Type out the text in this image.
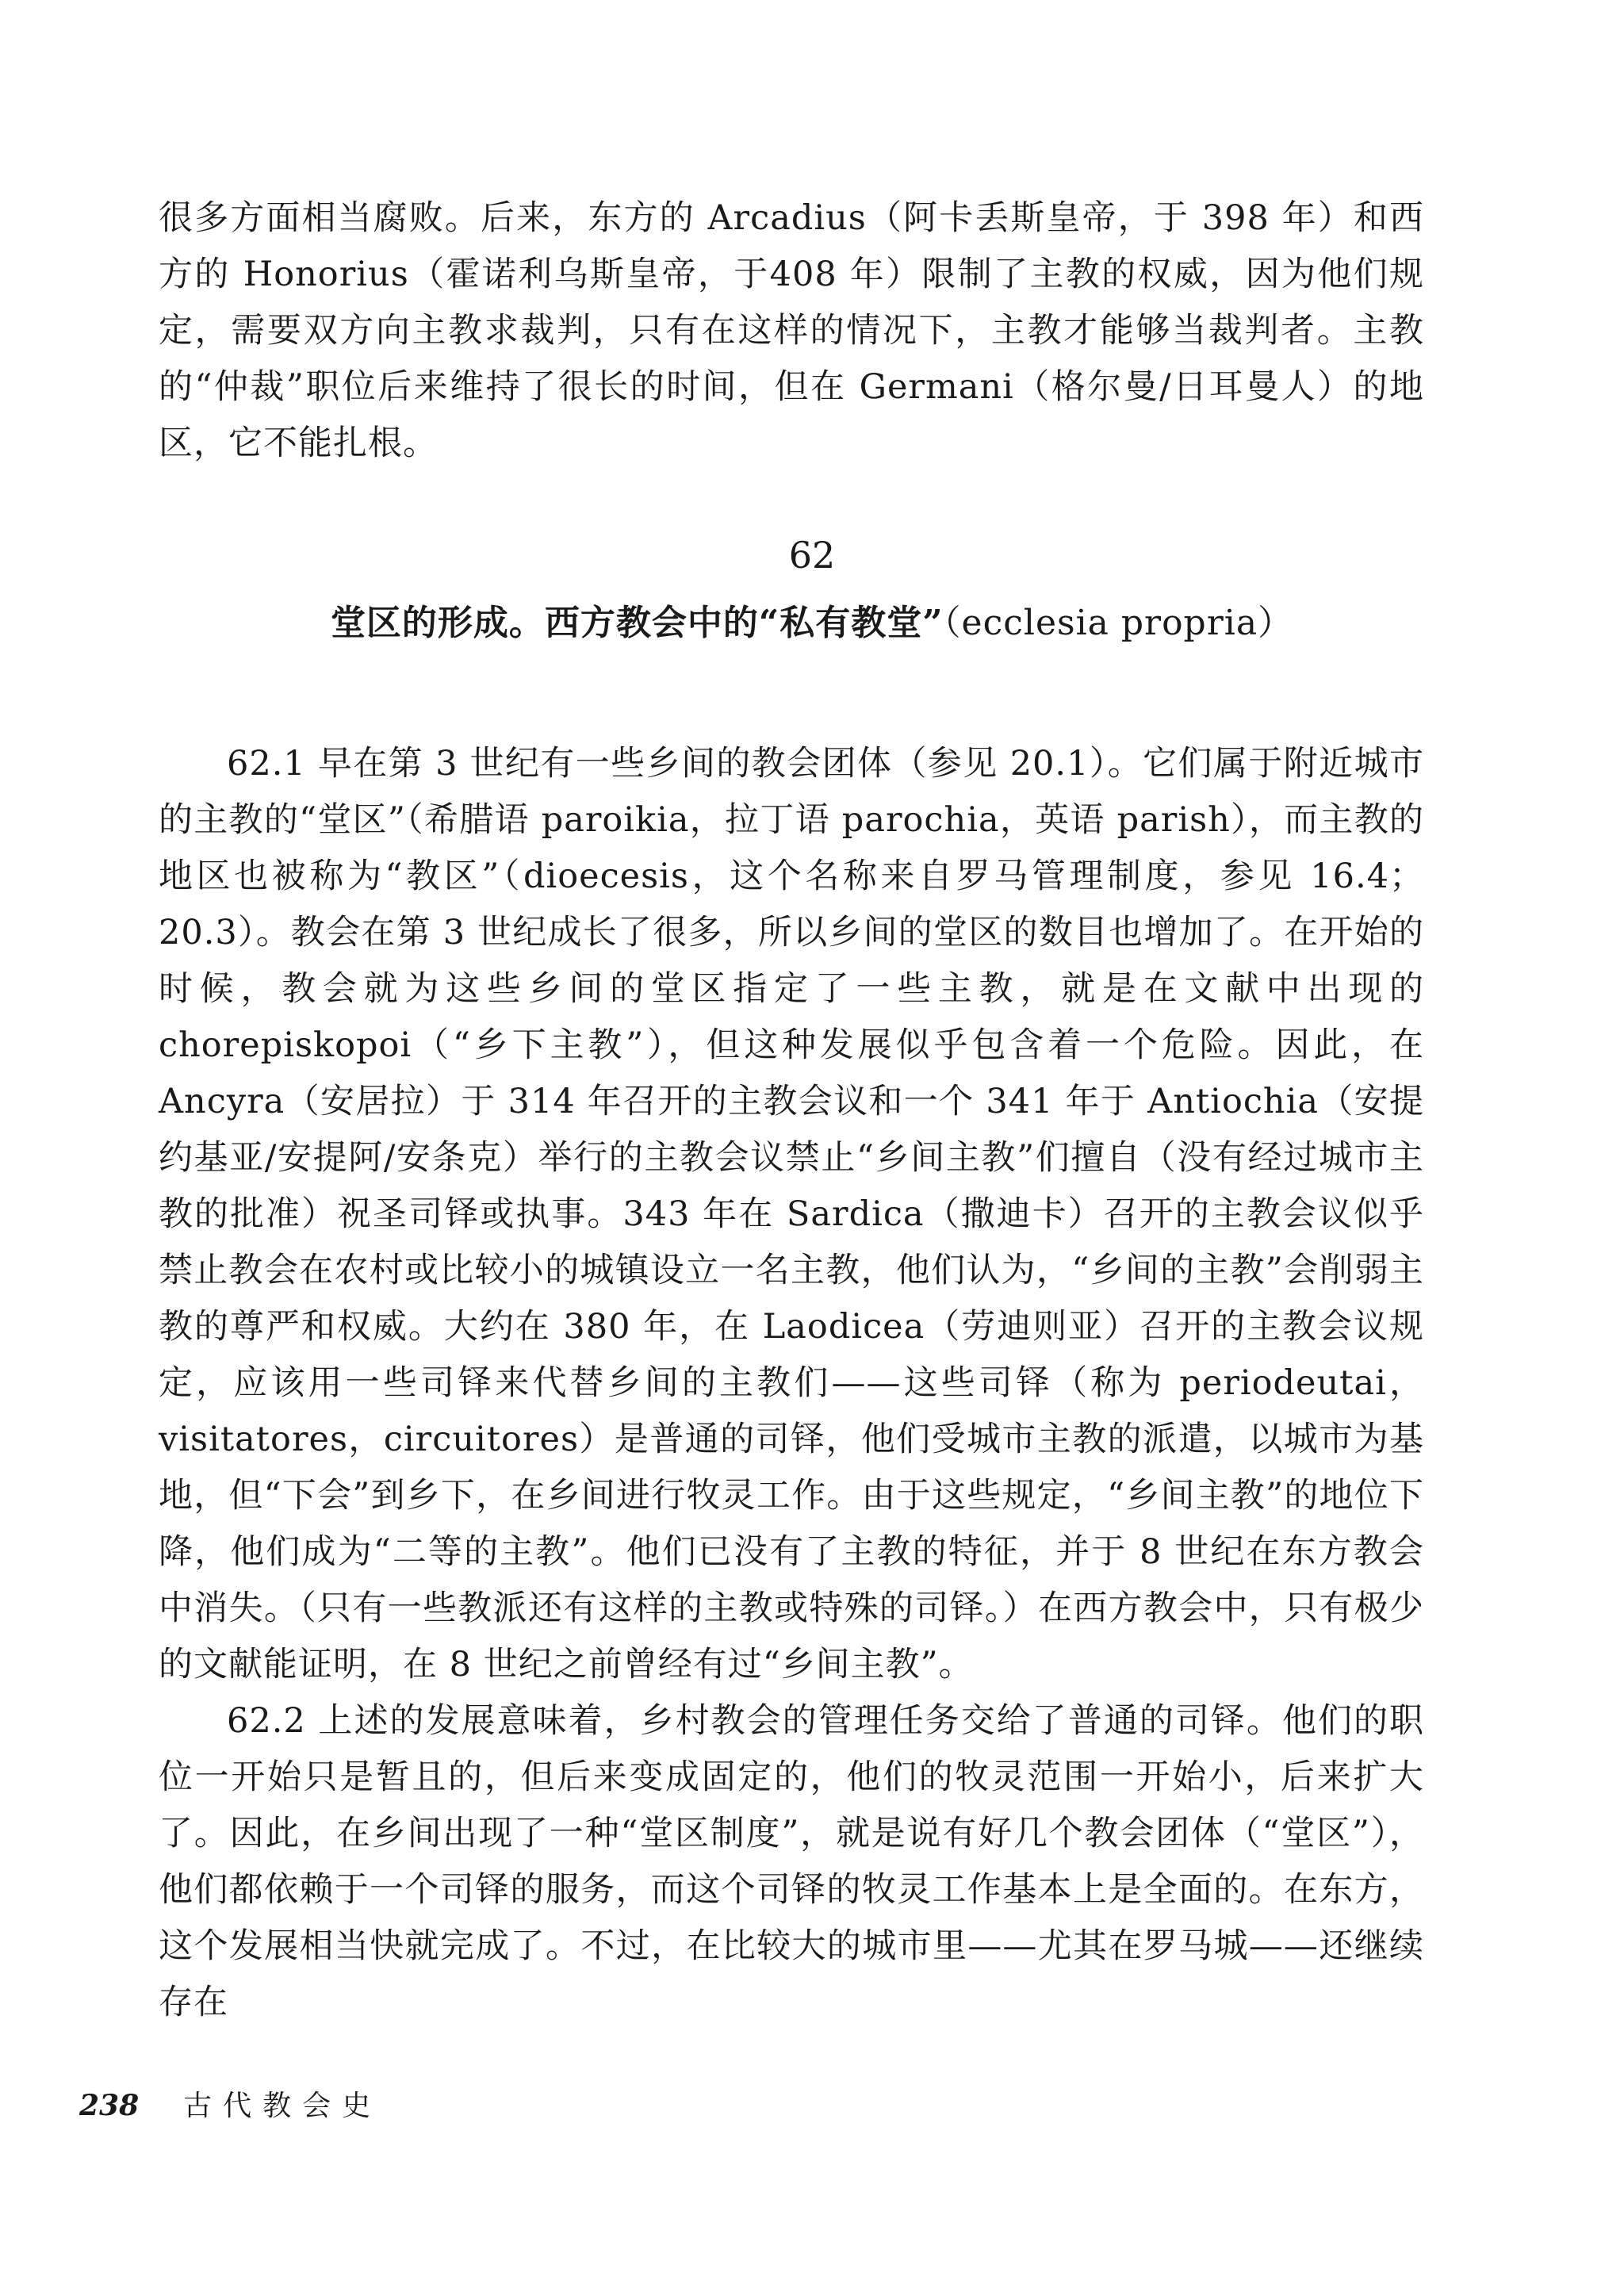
很多方面相当腐败。后来，东方的 Arcadius（阿卡丢斯皇帝，于 398 年）和西方的 Honorius（霍诺利乌斯皇帝，于408 年）限制了主教的权威，因为他们规定，需要双方向主教求裁判，只有在这样的情况下，主教才能够当裁判者。主教的“仲裁”职位后来维持了很长的时间，但在 Germani（格尔曼/日耳曼人）的地区，它不能扎根。

62
堂区的形成。西方教会中的“私有教堂”（ecclesia propria）

62.1 早在第 3 世纪有一些乡间的教会团体（参见 20.1）。它们属于附近城市的主教的“堂区”（希腊语 paroikia，拉丁语 parochia，英语 parish），而主教的地区也被称为“教区”（dioecesis，这个名称来自罗马管理制度，参见 16.4；20.3）。教会在第 3 世纪成长了很多，所以乡间的堂区的数目也增加了。在开始的时候，教会就为这些乡间的堂区指定了一些主教，就是在文献中出现的 chorepiskopoi（“乡下主教”），但这种发展似乎包含着一个危险。因此，在 Ancyra（安居拉）于 314 年召开的主教会议和一个 341 年于 Antiochia（安提约基亚/安提阿/安条克）举行的主教会议禁止“乡间主教”们擅自（没有经过城市主教的批准）祝圣司铎或执事。343 年在 Sardica（撒迪卡）召开的主教会议似乎禁止教会在农村或比较小的城镇设立一名主教，他们认为，“乡间的主教”会削弱主教的尊严和权威。大约在 380 年，在 Laodicea（劳迪则亚）召开的主教会议规定，应该用一些司铎来代替乡间的主教们——这些司铎（称为 periodeutai，visitatores，circuitores）是普通的司铎，他们受城市主教的派遣，以城市为基地，但“下会”到乡下，在乡间进行牧灵工作。由于这些规定，“乡间主教”的地位下降，他们成为“二等的主教”。他们已没有了主教的特征，并于 8 世纪在东方教会中消失。（只有一些教派还有这样的主教或特殊的司铎。）在西方教会中，只有极少的文献能证明，在 8 世纪之前曾经有过“乡间主教”。

62.2 上述的发展意味着，乡村教会的管理任务交给了普通的司铎。他们的职位一开始只是暂且的，但后来变成固定的，他们的牧灵范围一开始小，后来扩大了。因此，在乡间出现了一种“堂区制度”，就是说有好几个教会团体（“堂区”），他们都依赖于一个司铎的服务，而这个司铎的牧灵工作基本上是全面的。在东方，这个发展相当快就完成了。不过，在比较大的城市里——尤其在罗马城——还继续存在

238 古代教会史
